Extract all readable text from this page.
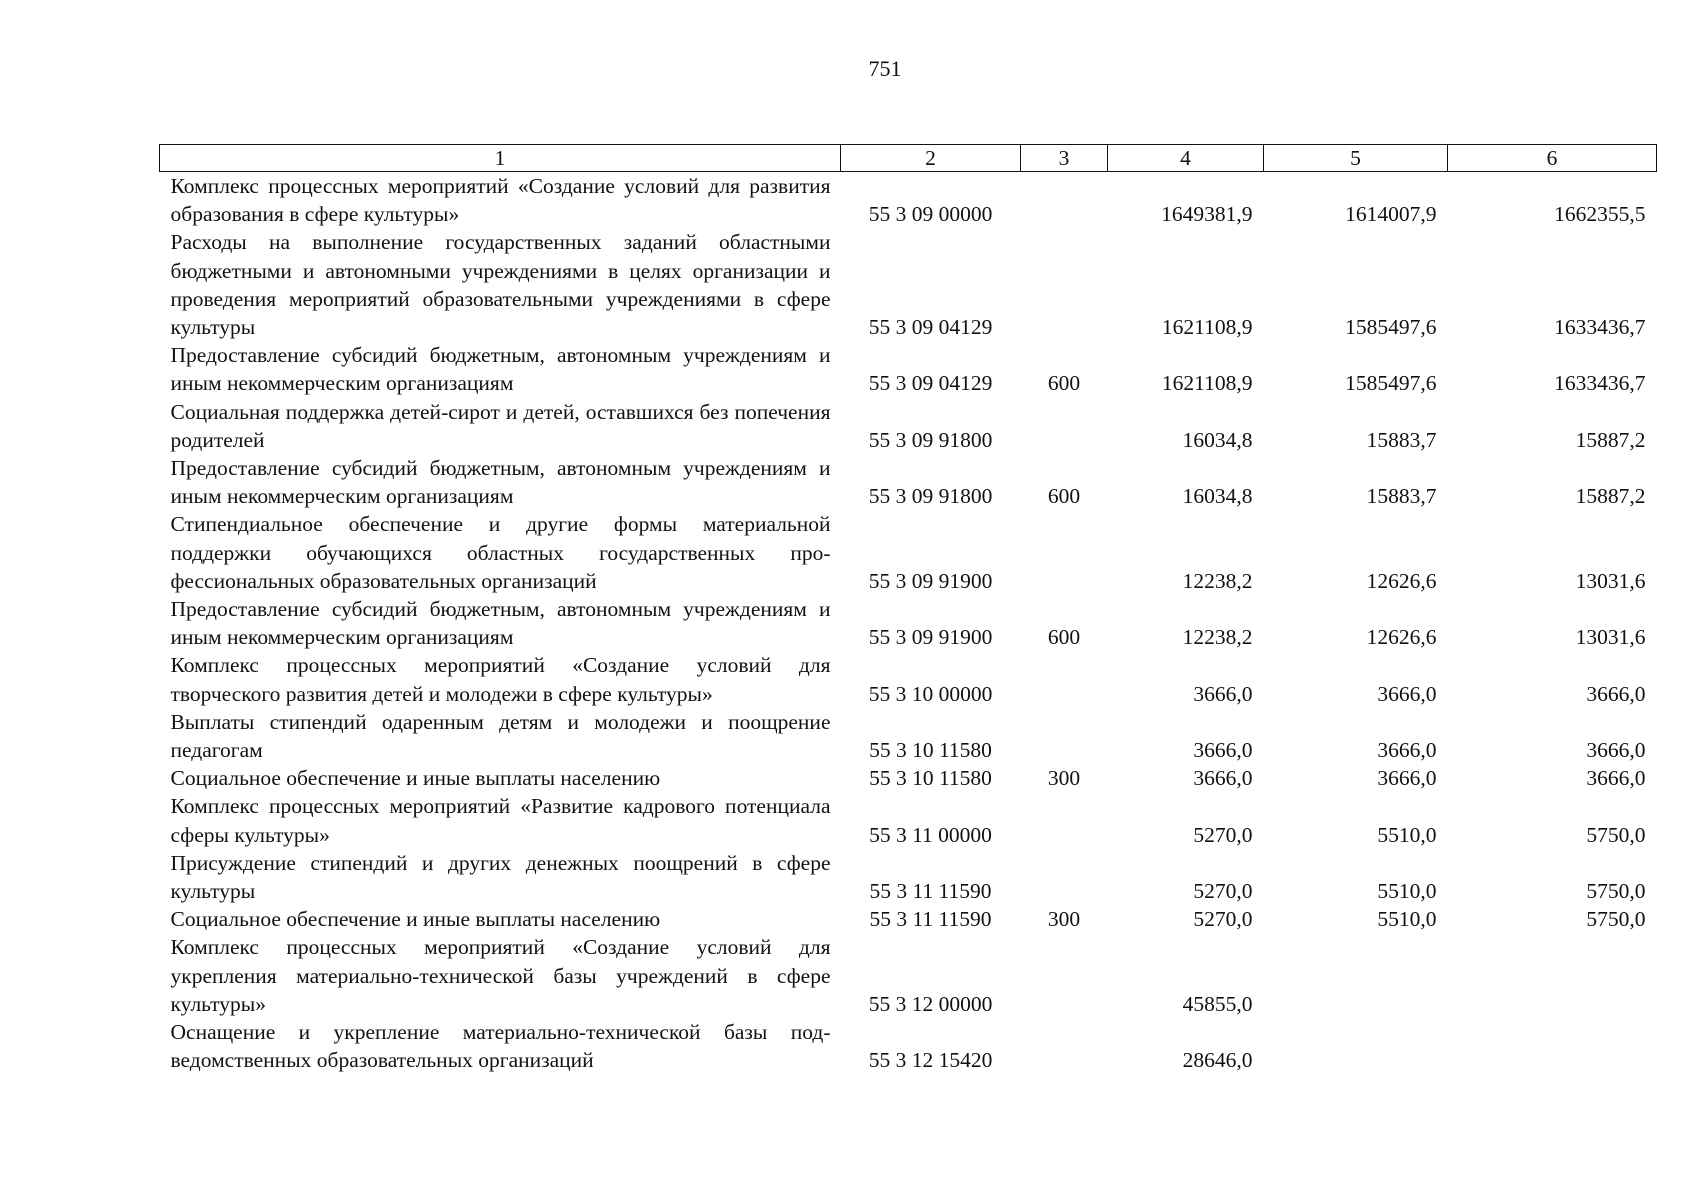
751
1	2	3	4	5	6
Комплекс процессных мероприятий «Создание условий для развития образования в сфере культуры»	55 3 09 00000		1649381,9	1614007,9	1662355,5
Расходы на выполнение государственных заданий областными бюджетными и автономными учреждениями в целях организации и проведения мероприятий образовательными учреждениями в сфере культуры	55 3 09 04129		1621108,9	1585497,6	1633436,7
Предоставление субсидий бюджетным, автономным учреждениям и иным некоммерческим организациям	55 3 09 04129	600	1621108,9	1585497,6	1633436,7
Социальная поддержка детей-сирот и детей, оставшихся без попечения родителей	55 3 09 91800		16034,8	15883,7	15887,2
Предоставление субсидий бюджетным, автономным учреждениям и иным некоммерческим организациям	55 3 09 91800	600	16034,8	15883,7	15887,2
Стипендиальное обеспечение и другие формы материальной поддержки обучающихся областных государственных профессиональных образовательных организаций	55 3 09 91900		12238,2	12626,6	13031,6
Предоставление субсидий бюджетным, автономным учреждениям и иным некоммерческим организациям	55 3 09 91900	600	12238,2	12626,6	13031,6
Комплекс процессных мероприятий «Создание условий для творческого развития детей и молодежи в сфере культуры»	55 3 10 00000		3666,0	3666,0	3666,0
Выплаты стипендий одаренным детям и молодежи и поощрение педагогам	55 3 10 11580		3666,0	3666,0	3666,0
Социальное обеспечение и иные выплаты населению	55 3 10 11580	300	3666,0	3666,0	3666,0
Комплекс процессных мероприятий «Развитие кадрового потенциала сферы культуры»	55 3 11 00000		5270,0	5510,0	5750,0
Присуждение стипендий и других денежных поощрений в сфере культуры	55 3 11 11590		5270,0	5510,0	5750,0
Социальное обеспечение и иные выплаты населению	55 3 11 11590	300	5270,0	5510,0	5750,0
Комплекс процессных мероприятий «Создание условий для укрепления материально-технической базы учреждений в сфере культуры»	55 3 12 00000		45855,0		
Оснащение и укрепление материально-технической базы подведомственных образовательных организаций	55 3 12 15420		28646,0		
